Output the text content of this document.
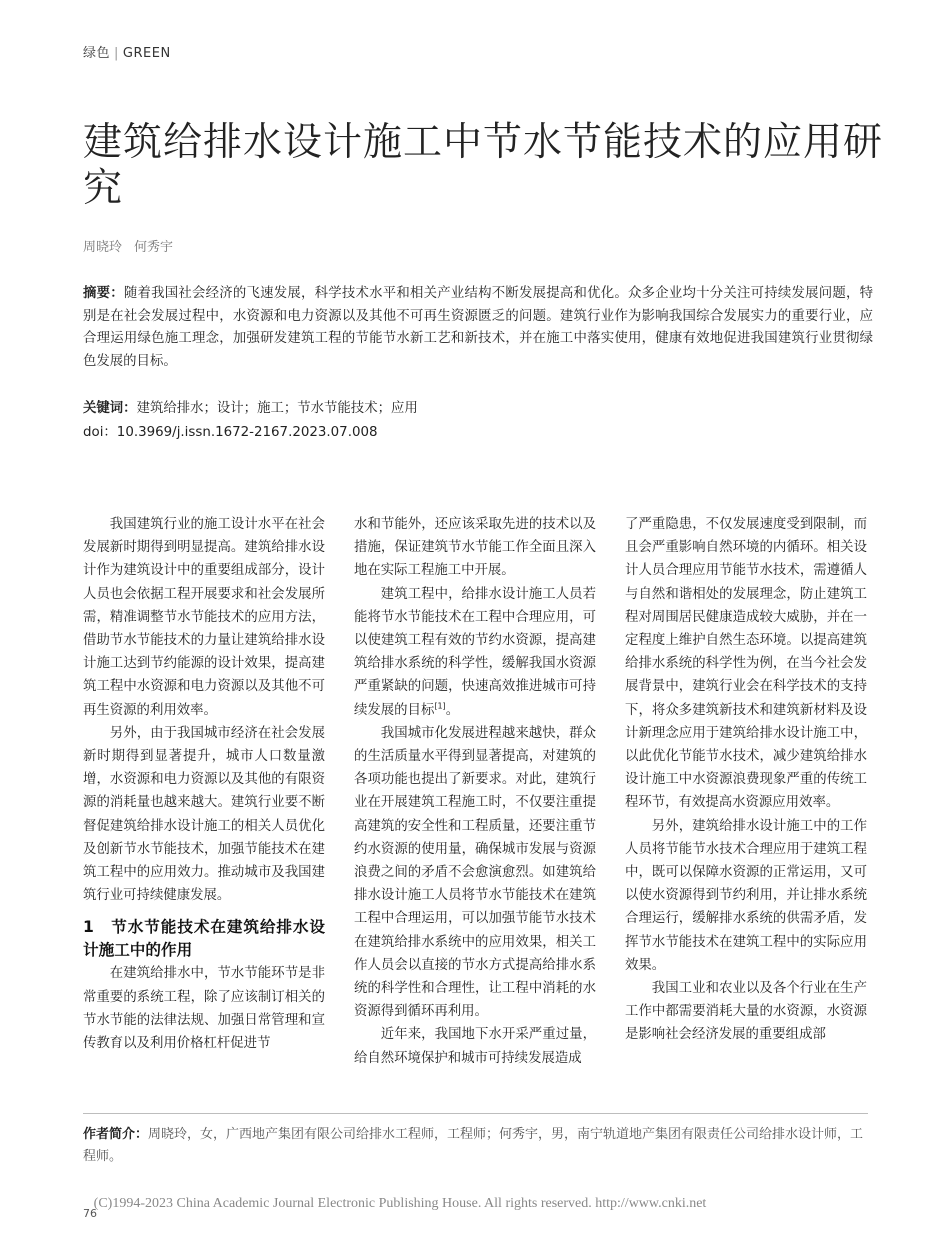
绿色 | GREEN
建筑给排水设计施工中节水节能技术的应用研究
周晓玲 何秀宇
摘要：随着我国社会经济的飞速发展，科学技术水平和相关产业结构不断发展提高和优化。众多企业均十分关注可持续发展问题，特别是在社会发展过程中，水资源和电力资源以及其他不可再生资源匮乏的问题。建筑行业作为影响我国综合发展实力的重要行业，应合理运用绿色施工理念，加强研发建筑工程的节能节水新工艺和新技术，并在施工中落实使用，健康有效地促进我国建筑行业贯彻绿色发展的目标。
关键词：建筑给排水；设计；施工；节水节能技术；应用
doi：10.3969/j.issn.1672-2167.2023.07.008

我国建筑行业的施工设计水平在社会发展新时期得到明显提高。建筑给排水设计作为建筑设计中的重要组成部分，设计人员也会依据工程开展要求和社会发展所需，精准调整节水节能技术的应用方法，借助节水节能技术的力量让建筑给排水设计施工达到节约能源的设计效果，提高建筑工程中水资源和电力资源以及其他不可再生资源的利用效率。

另外，由于我国城市经济在社会发展新时期得到显著提升，城市人口数量激增，水资源和电力资源以及其他的有限资源的消耗量也越来越大。建筑行业要不断督促建筑给排水设计施工的相关人员优化及创新节水节能技术，加强节能技术在建筑工程中的应用效力。推动城市及我国建筑行业可持续健康发展。

1　节水节能技术在建筑给排水设计施工中的作用

在建筑给排水中，节水节能环节是非常重要的系统工程，除了应该制订相关的节水节能的法律法规、加强日常管理和宣传教育以及利用价格杠杆促进节

水和节能外，还应该采取先进的技术以及措施，保证建筑节水节能工作全面且深入地在实际工程施工中开展。

建筑工程中，给排水设计施工人员若能将节水节能技术在工程中合理应用，可以使建筑工程有效的节约水资源，提高建筑给排水系统的科学性，缓解我国水资源严重紧缺的问题，快速高效推进城市可持续发展的目标[1]。

我国城市化发展进程越来越快，群众的生活质量水平得到显著提高，对建筑的各项功能也提出了新要求。对此，建筑行业在开展建筑工程施工时，不仅要注重提高建筑的安全性和工程质量，还要注重节约水资源的使用量，确保城市发展与资源浪费之间的矛盾不会愈演愈烈。如建筑给排水设计施工人员将节水节能技术在建筑工程中合理运用，可以加强节能节水技术在建筑给排水系统中的应用效果，相关工作人员会以直接的节水方式提高给排水系统的科学性和合理性，让工程中消耗的水资源得到循环再利用。

近年来，我国地下水开采严重过量，给自然环境保护和城市可持续发展造成

了严重隐患，不仅发展速度受到限制，而且会严重影响自然环境的内循环。相关设计人员合理应用节能节水技术，需遵循人与自然和谐相处的发展理念，防止建筑工程对周围居民健康造成较大威胁，并在一定程度上维护自然生态环境。以提高建筑给排水系统的科学性为例，在当今社会发展背景中，建筑行业会在科学技术的支持下，将众多建筑新技术和建筑新材料及设计新理念应用于建筑给排水设计施工中，以此优化节能节水技术，减少建筑给排水设计施工中水资源浪费现象严重的传统工程环节，有效提高水资源应用效率。

另外，建筑给排水设计施工中的工作人员将节能节水技术合理应用于建筑工程中，既可以保障水资源的正常运用，又可以使水资源得到节约利用，并让排水系统合理运行，缓解排水系统的供需矛盾，发挥节水节能技术在建筑工程中的实际应用效果。

我国工业和农业以及各个行业在生产工作中都需要消耗大量的水资源，水资源是影响社会经济发展的重要组成部

作者简介：周晓玲，女，广西地产集团有限公司给排水工程师，工程师；何秀宇，男，南宁轨道地产集团有限责任公司给排水设计师，工程师。
(C)1994-2023 China Academic Journal Electronic Publishing House. All rights reserved. http://www.cnki.net
76
